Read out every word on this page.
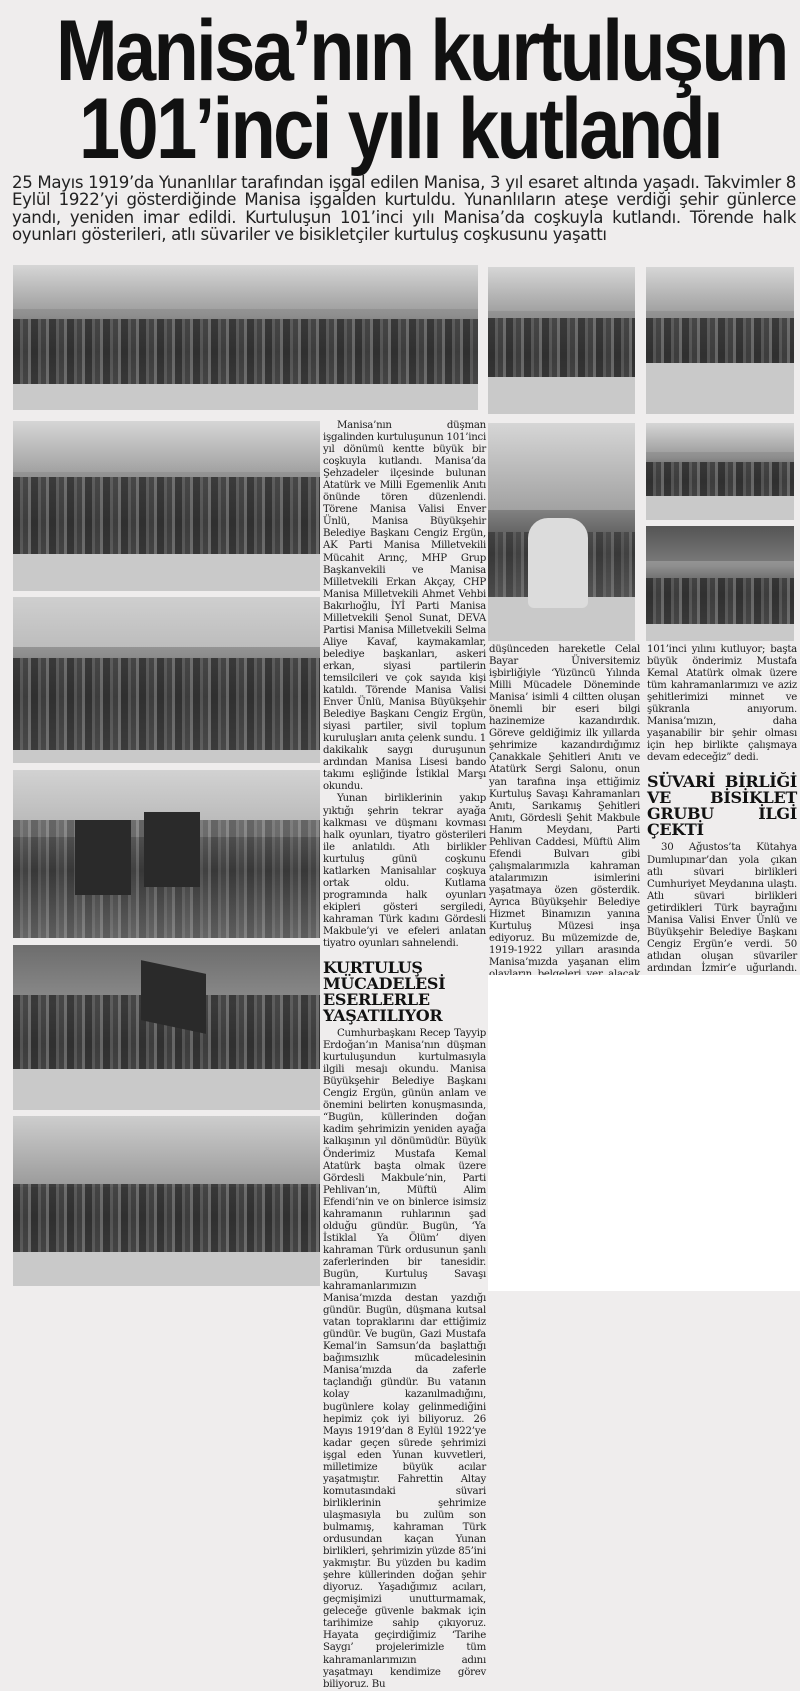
Manisa’nın kurtuluşun
101’inci yılı kutlandı
25 Mayıs 1919’da Yunanlılar tarafından işgal edilen Manisa, 3 yıl esaret altında yaşadı. Takvimler 8 Eylül 1922’yi gösterdiğinde Manisa işgalden kurtuldu. Yunanlıların ateşe verdiği şehir günlerce yandı, yeniden imar edildi. Kurtuluşun 101’inci yılı Manisa’da coşkuyla kutlandı. Törende halk oyunları gösterileri, atlı süvariler ve bisikletçiler kurtuluş coşkusunu yaşattı

Manisa’nın düşman işgalinden kurtuluşunun 101’inci yıl dönümü kentte büyük bir coşkuyla kutlandı. Manisa’da Şehzadeler ilçesinde bulunan Atatürk ve Milli Egemenlik Anıtı önünde tören düzenlendi. Törene Manisa Valisi Enver Ünlü, Manisa Büyükşehir Belediye Başkanı Cengiz Ergün, AK Parti Manisa Milletvekili Mücahit Arınç, MHP Grup Başkanvekili ve Manisa Milletvekili Erkan Akçay, CHP Manisa Milletvekili Ahmet Vehbi Bakırlıoğlu, İYİ Parti Manisa Milletvekili Şenol Sunat, DEVA Partisi Manisa Milletvekili Selma Aliye Kavaf, kaymakamlar, belediye başkanları, askeri erkan, siyasi partilerin temsilcileri ve çok sayıda kişi katıldı. Törende Manisa Valisi Enver Ünlü, Manisa Büyükşehir Belediye Başkanı Cengiz Ergün, siyasi partiler, sivil toplum kuruluşları anıta çelenk sundu. 1 dakikalık saygı duruşunun ardından Manisa Lisesi bando takımı eşliğinde İstiklal Marşı okundu.

Yunan birliklerinin yakıp yıktığı şehrin tekrar ayağa kalkması ve düşmanı kovması halk oyunları, tiyatro gösterileri ile anlatıldı. Atlı birlikler kurtuluş günü coşkunu katlarken Manisalılar coşkuya ortak oldu. Kutlama programında halk oyunları ekipleri gösteri sergiledi, kahraman Türk kadını Gördesli Makbule’yi ve efeleri anlatan tiyatro oyunları sahnelendi.

KURTULUŞ MÜCADELESİ ESERLERLE YAŞATILIYOR

Cumhurbaşkanı Recep Tayyip Erdoğan’ın Manisa’nın düşman kurtuluşundun kurtulmasıyla ilgili mesajı okundu. Manisa Büyükşehir Belediye Başkanı Cengiz Ergün, günün anlam ve önemini belirten konuşmasında, “Bugün, küllerinden doğan kadim şehrimizin yeniden ayağa kalkışının yıl dönümüdür. Büyük Önderimiz Mustafa Kemal Atatürk başta olmak üzere Gördesli Makbule’nin, Parti Pehlivan’ın, Müftü Alim Efendi’nin ve on binlerce isimsiz kahramanın ruhlarının şad olduğu gündür. Bugün, ‘Ya İstiklal Ya Ölüm’ diyen kahraman Türk ordusunun şanlı zaferlerinden bir tanesidir. Bugün, Kurtuluş Savaşı kahramanlarımızın Manisa’mızda destan yazdığı gündür. Bugün, düşmana kutsal vatan topraklarını dar ettiğimiz gündür. Ve bugün, Gazi Mustafa Kemal’in Samsun’da başlattığı bağımsızlık mücadelesinin Manisa’mızda da zaferle taçlandığı gündür. Bu vatanın kolay kazanılmadığını, bugünlere kolay gelinmediğini hepimiz çok iyi biliyoruz. 26 Mayıs 1919’dan 8 Eylül 1922’ye kadar geçen sürede şehrimizi işgal eden Yunan kuvvetleri, milletimize büyük acılar yaşatmıştır. Fahrettin Altay komutasındaki süvari birliklerinin şehrimize ulaşmasıyla bu zulüm son bulmamış, kahraman Türk ordusundan kaçan Yunan birlikleri, şehrimizin yüzde 85’ini yakmıştır. Bu yüzden bu kadim şehre küllerinden doğan şehir diyoruz. Yaşadığımız acıları, geçmişimizi unutturmamak, geleceğe güvenle bakmak için tarihimize sahip çıkıyoruz. Hayata geçirdiğimiz ‘Tarihe Saygı’ projelerimizle tüm kahramanlarımızın adını yaşatmayı kendimize görev biliyoruz. Bu

düşünceden hareketle Celal Bayar Üniversitemiz işbirliğiyle ‘Yüzüncü Yılında Milli Mücadele Döneminde Manisa’ isimli 4 ciltten oluşan önemli bir eseri bilgi hazinemize kazandırdık. Göreve geldiğimiz ilk yıllarda şehrimize kazandırdığımız Çanakkale Şehitleri Anıtı ve Atatürk Sergi Salonu, onun yan tarafına inşa ettiğimiz Kurtuluş Savaşı Kahramanları Anıtı, Sarıkamış Şehitleri Anıtı, Gördesli Şehit Makbule Hanım Meydanı, Parti Pehlivan Caddesi, Müftü Alim Efendi Bulvarı gibi çalışmalarımızla kahraman atalarımızın isimlerini yaşatmaya özen gösterdik. Ayrıca Büyükşehir Belediye Hizmet Binamızın yanına Kurtuluş Müzesi inşa ediyoruz. Bu müzemizde de, 1919-1922 yılları arasında Manisa’mızda yaşanan elim

101’inci yılını kutluyor; başta büyük önderimiz Mustafa Kemal Atatürk olmak üzere tüm kahramanlarımızı ve aziz şehitlerimizi minnet ve şükranla anıyorum. Manisa’mızın, daha yaşanabilir bir şehir olması için hep birlikte çalışmaya devam edeceğiz” dedi.

SÜVARİ BİRLİĞİ VE BİSİKLET GRUBU İLGİ ÇEKTİ

30 Ağustos’ta Kütahya Dumlupınar’dan yola çıkan atlı süvari birlikleri Cumhuriyet Meydanına ulaştı. Atlı süvari birlikleri getirdikleri Türk bayrağını Manisa Valisi Enver Ünlü ve Büyükşehir Belediye Başkanı Cengiz Ergün’e verdi. 50 atlıdan oluşan süvariler ardından İzmir’e uğurlandı.
